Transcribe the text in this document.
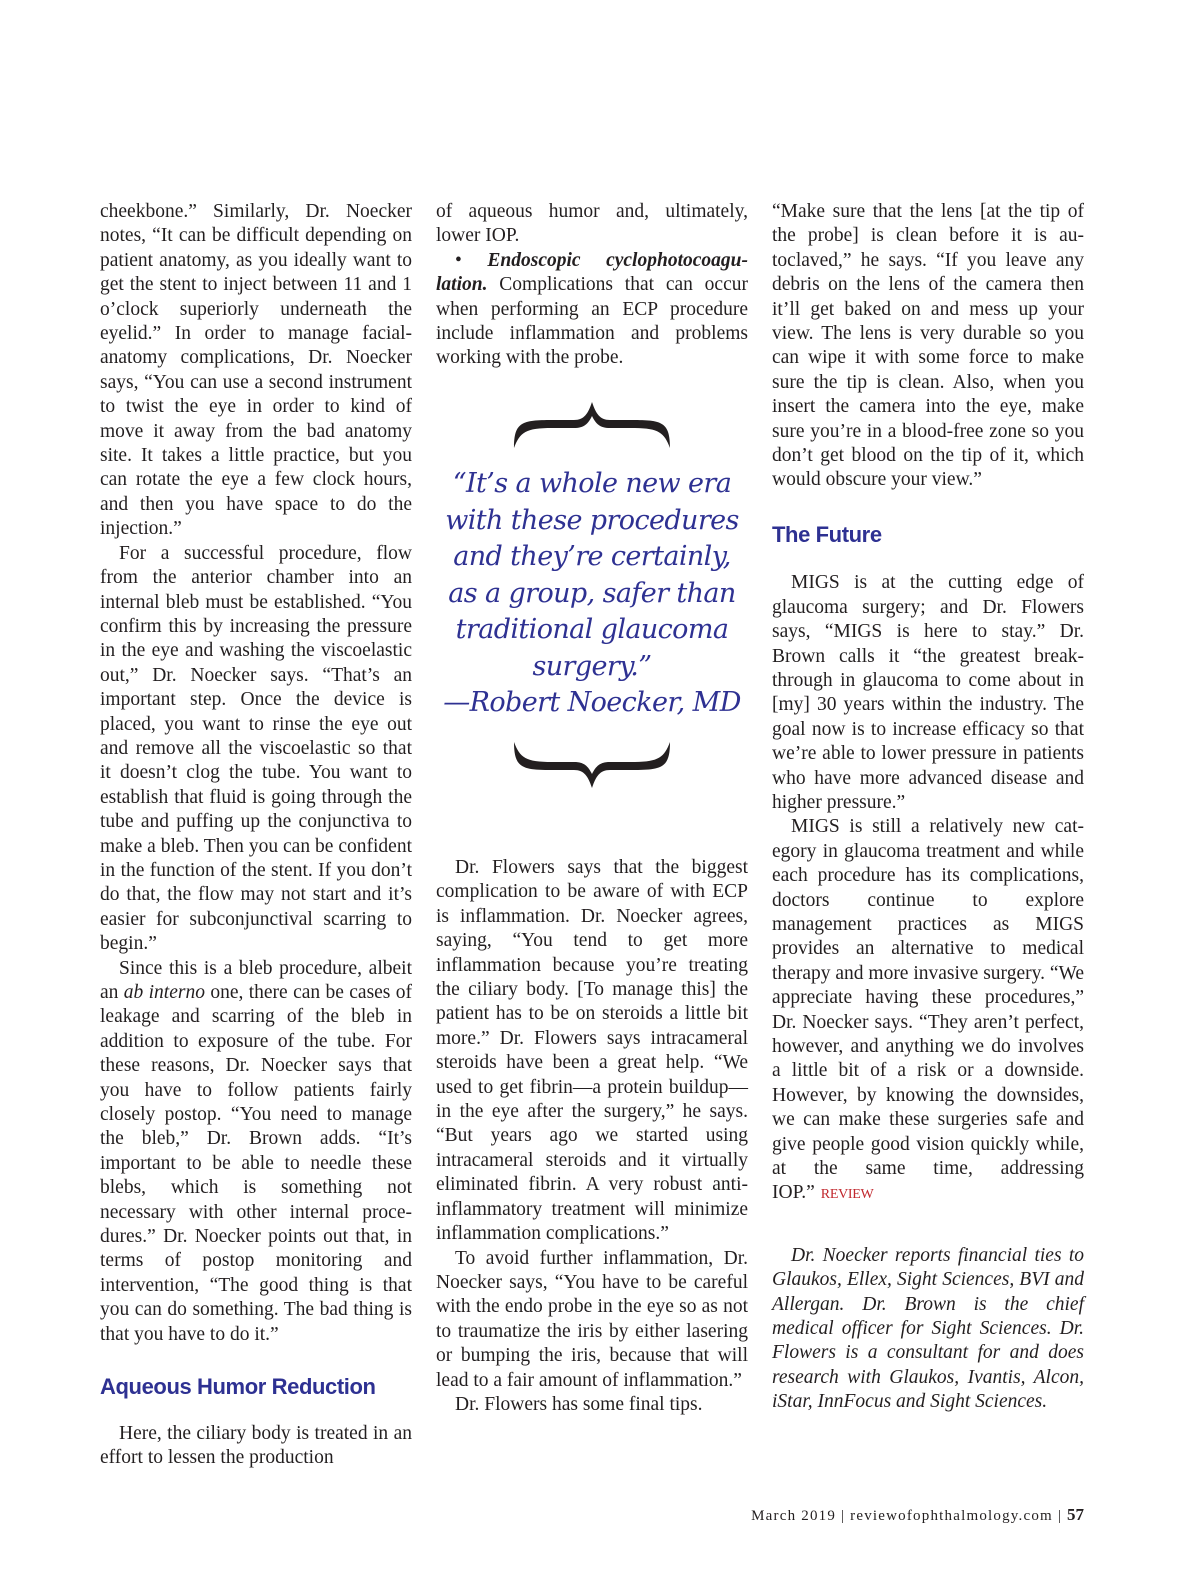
cheekbone.” Similarly, Dr. Noecker notes, “It can be difficult depending on patient anatomy, as you ideally want to get the stent to inject between 11 and 1 o’clock superiorly underneath the eyelid.” In order to manage facial-anatomy complications, Dr. Noecker says, “You can use a second instrument to twist the eye in order to kind of move it away from the bad anatomy site. It takes a little practice, but you can rotate the eye a few clock hours, and then you have space to do the injection.”

For a successful procedure, flow from the anterior chamber into an internal bleb must be established. “You confirm this by increasing the pressure in the eye and washing the viscoelastic out,” Dr. Noecker says. “That’s an important step. Once the device is placed, you want to rinse the eye out and remove all the viscoelastic so that it doesn’t clog the tube. You want to establish that fluid is going through the tube and puffing up the conjunctiva to make a bleb. Then you can be confident in the function of the stent. If you don’t do that, the flow may not start and it’s easier for subconjunctival scarring to begin.”

Since this is a bleb procedure, albeit an ab interno one, there can be cases of leakage and scarring of the bleb in addition to exposure of the tube. For these reasons, Dr. Noecker says that you have to follow patients fairly closely postop. “You need to manage the bleb,” Dr. Brown adds. “It’s important to be able to needle these blebs, which is something not necessary with other internal procedures.” Dr. Noecker points out that, in terms of postop monitoring and intervention, “The good thing is that you can do something. The bad thing is that you have to do it.”

Aqueous Humor Reduction

Here, the ciliary body is treated in an effort to lessen the production

of aqueous humor and, ultimately, lower IOP.

• Endoscopic cyclophotocoagulation. Complications that can occur when performing an ECP procedure include inflammation and problems working with the probe.

“It’s a whole new era with these procedures and they’re certainly, as a group, safer than traditional glaucoma surgery.”
—Robert Noecker, MD

Dr. Flowers says that the biggest complication to be aware of with ECP is inflammation. Dr. Noecker agrees, saying, “You tend to get more inflammation because you’re treating the ciliary body. [To manage this] the patient has to be on steroids a little bit more.” Dr. Flowers says intracameral steroids have been a great help. “We used to get fibrin—a protein buildup—in the eye after the surgery,” he says. “But years ago we started using intracameral steroids and it virtually eliminated fibrin. A very robust anti-inflammatory treatment will minimize inflammation complications.”

To avoid further inflammation, Dr. Noecker says, “You have to be careful with the endo probe in the eye so as not to traumatize the iris by either lasering or bumping the iris, because that will lead to a fair amount of inflammation.”

Dr. Flowers has some final tips.

“Make sure that the lens [at the tip of the probe] is clean before it is autoclaved,” he says. “If you leave any debris on the lens of the camera then it’ll get baked on and mess up your view. The lens is very durable so you can wipe it with some force to make sure the tip is clean. Also, when you insert the camera into the eye, make sure you’re in a blood-free zone so you don’t get blood on the tip of it, which would obscure your view.”

The Future

MIGS is at the cutting edge of glaucoma surgery; and Dr. Flowers says, “MIGS is here to stay.” Dr. Brown calls it “the greatest breakthrough in glaucoma to come about in [my] 30 years within the industry. The goal now is to increase efficacy so that we’re able to lower pressure in patients who have more advanced disease and higher pressure.”

MIGS is still a relatively new category in glaucoma treatment and while each procedure has its complications, doctors continue to explore management practices as MIGS provides an alternative to medical therapy and more invasive surgery. “We appreciate having these procedures,” Dr. Noecker says. “They aren’t perfect, however, and anything we do involves a little bit of a risk or a downside. However, by knowing the downsides, we can make these surgeries safe and give people good vision quickly while, at the same time, addressing IOP.” REVIEW

Dr. Noecker reports financial ties to Glaukos, Ellex, Sight Sciences, BVI and Allergan. Dr. Brown is the chief medical officer for Sight Sciences. Dr. Flowers is a consultant for and does research with Glaukos, Ivantis, Alcon, iStar, InnFocus and Sight Sciences.

March 2019 | reviewofophthalmology.com | 57
